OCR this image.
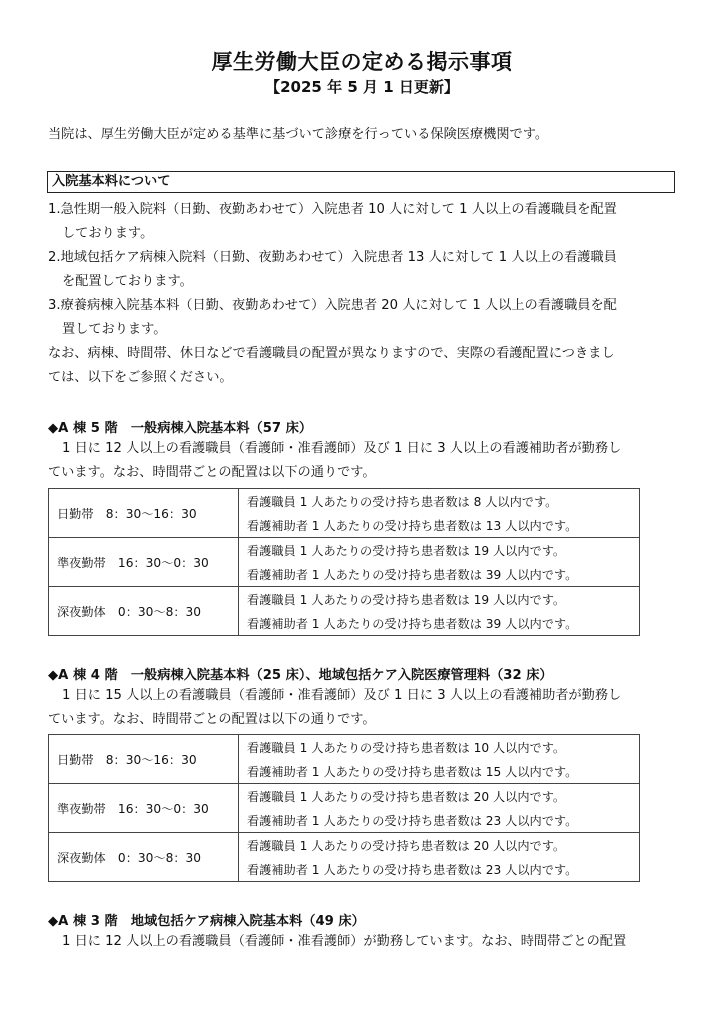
厚生労働大臣の定める掲示事項
【2025 年 5 月 1 日更新】
当院は、厚生労働大臣が定める基準に基づいて診療を行っている保険医療機関です。
入院基本料について
1.急性期一般入院料（日勤、夜勤あわせて）入院患者 10 人に対して 1 人以上の看護職員を配置
しております。
2.地域包括ケア病棟入院料（日勤、夜勤あわせて）入院患者 13 人に対して 1 人以上の看護職員
を配置しております。
3.療養病棟入院基本料（日勤、夜勤あわせて）入院患者 20 人に対して 1 人以上の看護職員を配
置しております。
なお、病棟、時間帯、休日などで看護職員の配置が異なりますので、実際の看護配置につきまし
ては、以下をご参照ください。
◆A 棟 5 階　一般病棟入院基本料（57 床）
1 日に 12 人以上の看護職員（看護師・准看護師）及び 1 日に 3 人以上の看護補助者が勤務し
ています。なお、時間帯ごとの配置は以下の通りです。
日勤帯　8：30～16：30	看護職員 1 人あたりの受け持ち患者数は 8 人以内です。
	看護補助者 1 人あたりの受け持ち患者数は 13 人以内です。
準夜勤帯　16：30～0：30	看護職員 1 人あたりの受け持ち患者数は 19 人以内です。
	看護補助者 1 人あたりの受け持ち患者数は 39 人以内です。
深夜勤体　0：30～8：30	看護職員 1 人あたりの受け持ち患者数は 19 人以内です。
	看護補助者 1 人あたりの受け持ち患者数は 39 人以内です。
◆A 棟 4 階　一般病棟入院基本料（25 床）、地域包括ケア入院医療管理料（32 床）
1 日に 15 人以上の看護職員（看護師・准看護師）及び 1 日に 3 人以上の看護補助者が勤務し
ています。なお、時間帯ごとの配置は以下の通りです。
日勤帯　8：30～16：30	看護職員 1 人あたりの受け持ち患者数は 10 人以内です。
	看護補助者 1 人あたりの受け持ち患者数は 15 人以内です。
準夜勤帯　16：30～0：30	看護職員 1 人あたりの受け持ち患者数は 20 人以内です。
	看護補助者 1 人あたりの受け持ち患者数は 23 人以内です。
深夜勤体　0：30～8：30	看護職員 1 人あたりの受け持ち患者数は 20 人以内です。
	看護補助者 1 人あたりの受け持ち患者数は 23 人以内です。
◆A 棟 3 階　地域包括ケア病棟入院基本料（49 床）
1 日に 12 人以上の看護職員（看護師・准看護師）が勤務しています。なお、時間帯ごとの配置
